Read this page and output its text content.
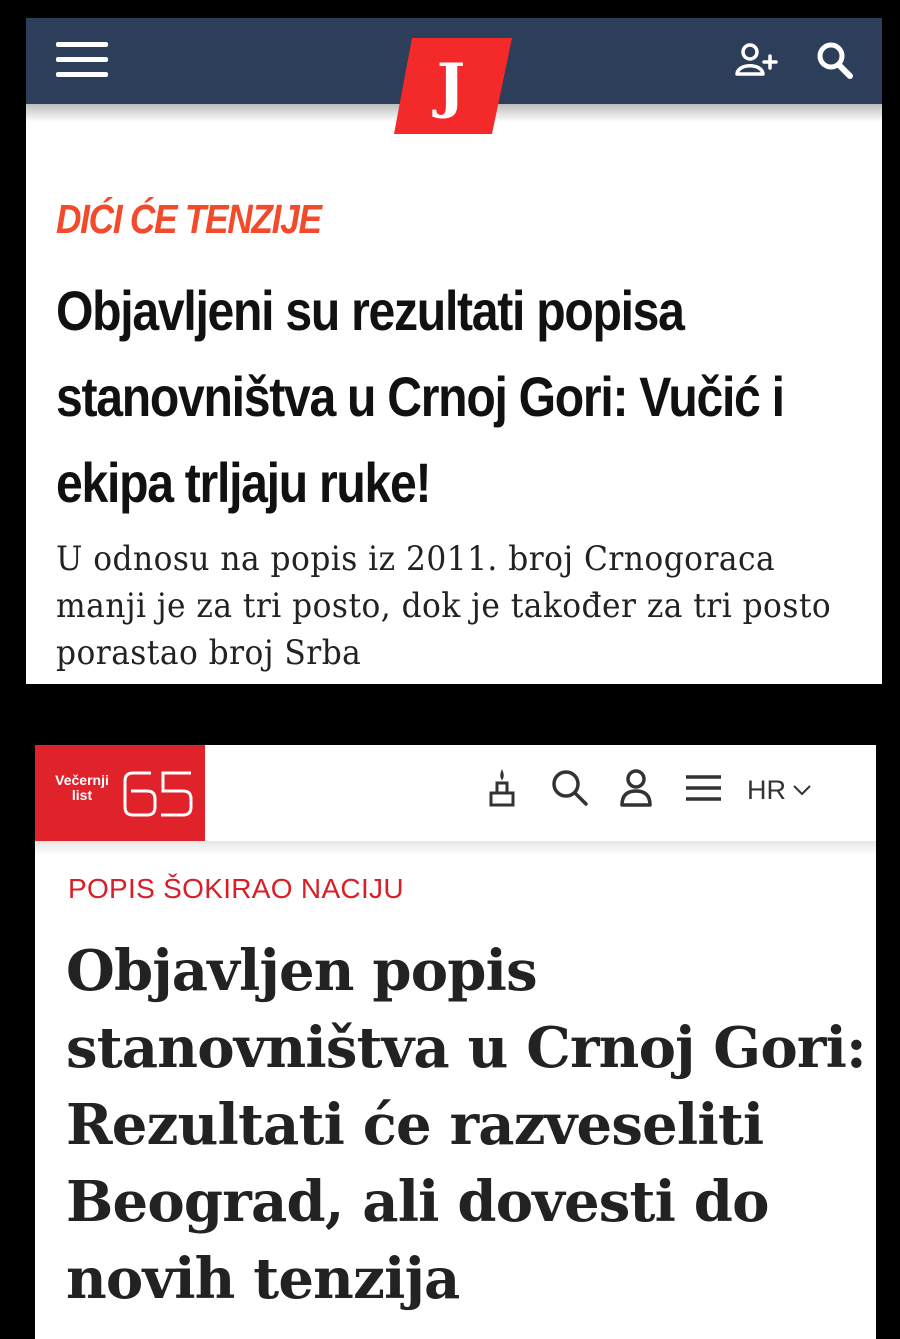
J
DIĆI ĆE TENZIJE
Objavljeni su rezultati popisa stanovništva u Crnoj Gori: Vučić i ekipa trljaju ruke!

U odnosu na popis iz 2011. broj Crnogoraca manji je za tri posto, dok je također za tri posto porastao broj Srba

Večernji list	HR
POPIS ŠOKIRAO NACIJU
Objavljen popis stanovništva u Crnoj Gori: Rezultati će razveseliti Beograd, ali dovesti do novih tenzija
